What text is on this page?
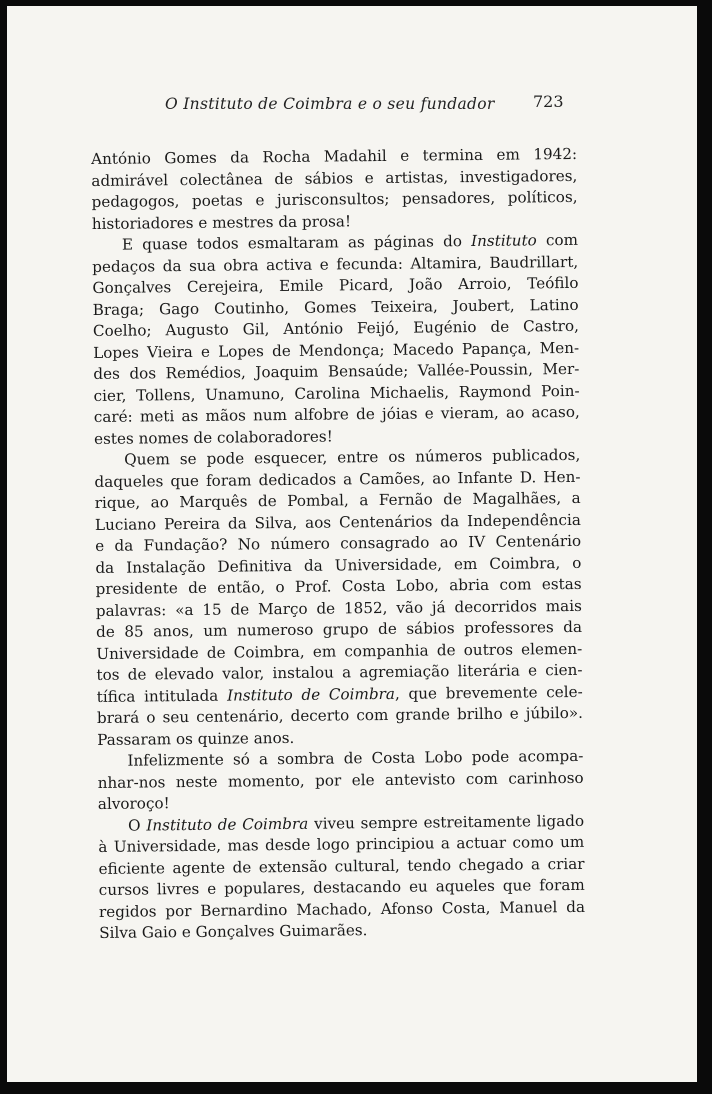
O Instituto de Coimbra e o seu fundador 723
António Gomes da Rocha Madahil e termina em 1942:
admirável colectânea de sábios e artistas, investigadores,
pedagogos, poetas e jurisconsultos; pensadores, políticos,
historiadores e mestres da prosa!
E quase todos esmaltaram as páginas do Instituto com
pedaços da sua obra activa e fecunda: Altamira, Baudrillart,
Gonçalves Cerejeira, Emile Picard, João Arroio, Teófilo
Braga; Gago Coutinho, Gomes Teixeira, Joubert, Latino
Coelho; Augusto Gil, António Feijó, Eugénio de Castro,
Lopes Vieira e Lopes de Mendonça; Macedo Papança, Men-
des dos Remédios, Joaquim Bensaúde; Vallée-Poussin, Mer-
cier, Tollens, Unamuno, Carolina Michaelis, Raymond Poin-
caré: meti as mãos num alfobre de jóias e vieram, ao acaso,
estes nomes de colaboradores!
Quem se pode esquecer, entre os números publicados,
daqueles que foram dedicados a Camões, ao Infante D. Hen-
rique, ao Marquês de Pombal, a Fernão de Magalhães, a
Luciano Pereira da Silva, aos Centenários da Independência
e da Fundação? No número consagrado ao IV Centenário
da Instalação Definitiva da Universidade, em Coimbra, o
presidente de então, o Prof. Costa Lobo, abria com estas
palavras: «a 15 de Março de 1852, vão já decorridos mais
de 85 anos, um numeroso grupo de sábios professores da
Universidade de Coimbra, em companhia de outros elemen-
tos de elevado valor, instalou a agremiação literária e cien-
tífica intitulada Instituto de Coimbra, que brevemente cele-
brará o seu centenário, decerto com grande brilho e júbilo».
Passaram os quinze anos.
Infelizmente só a sombra de Costa Lobo pode acompa-
nhar-nos neste momento, por ele antevisto com carinhoso
alvoroço!
O Instituto de Coimbra viveu sempre estreitamente ligado
à Universidade, mas desde logo principiou a actuar como um
eficiente agente de extensão cultural, tendo chegado a criar
cursos livres e populares, destacando eu aqueles que foram
regidos por Bernardino Machado, Afonso Costa, Manuel da
Silva Gaio e Gonçalves Guimarães.
